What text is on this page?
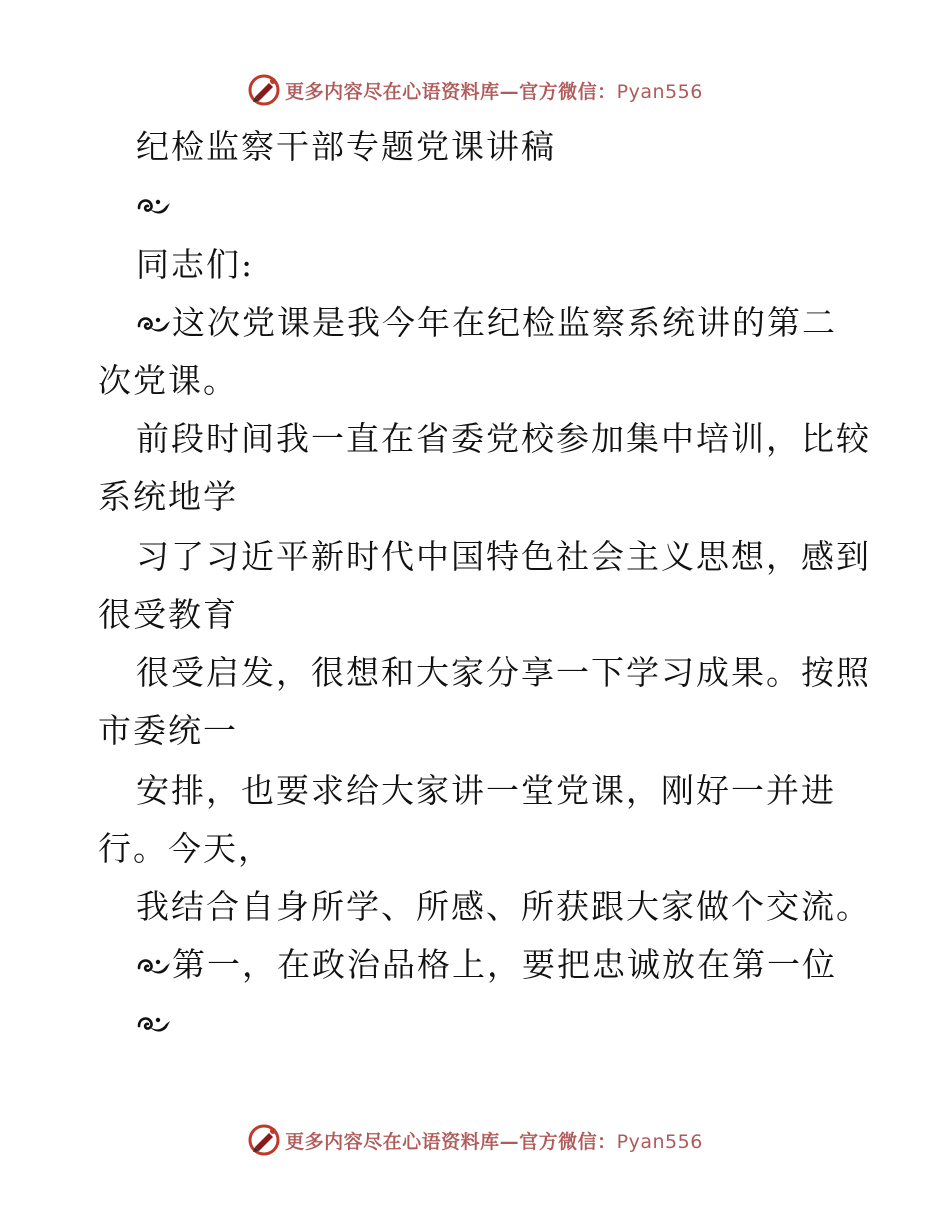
更多内容尽在心语资料库—官方微信：Pyan556
纪检监察干部专题党课讲稿
同志们:
这次党课是我今年在纪检监察系统讲的第二
次党课。
前段时间我一直在省委党校参加集中培训，比较
系统地学
习了习近平新时代中国特色社会主义思想，感到
很受教育
很受启发，很想和大家分享一下学习成果。按照
市委统一
安排，也要求给大家讲一堂党课，刚好一并进
行。今天，
我结合自身所学、所感、所获跟大家做个交流。
第一，在政治品格上，要把忠诚放在第一位
更多内容尽在心语资料库—官方微信：Pyan556
